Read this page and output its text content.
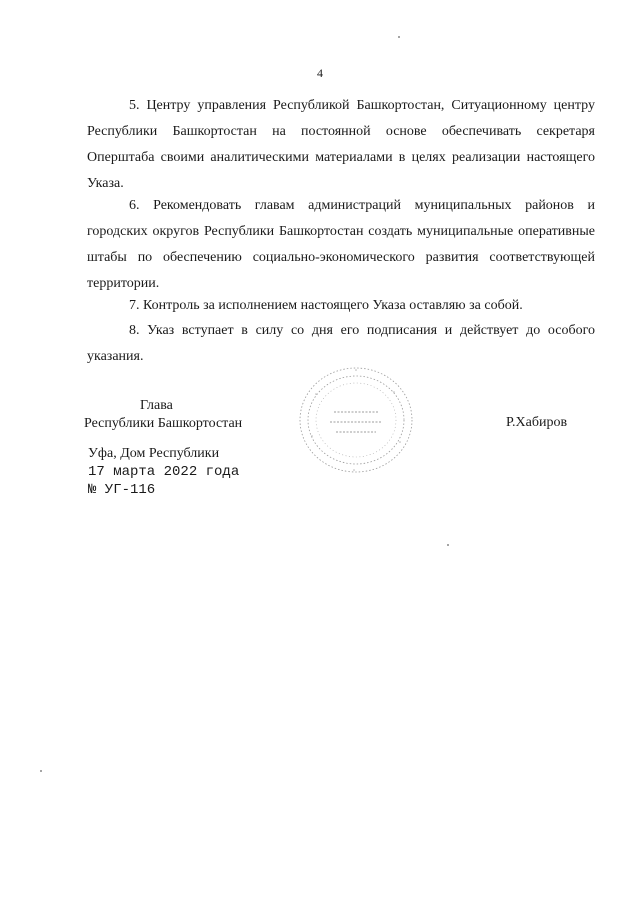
4

5. Центру управления Республикой Башкортостан, Ситуационному центру Республики Башкортостан на постоянной основе обеспечивать секретаря Оперштаба своими аналитическими материалами в целях реализации настоящего Указа.

6. Рекомендовать главам администраций муниципальных районов и городских округов Республики Башкортостан создать муниципальные оперативные штабы по обеспечению социально-экономического развития соответствующей территории.

7. Контроль за исполнением настоящего Указа оставляю за собой.

8. Указ вступает в силу со дня его подписания и действует до особого указания.

Глава
Республики Башкортостан	Р.Хабиров
Уфа, Дом Республики
17 марта 2022 года
№ УГ-116
